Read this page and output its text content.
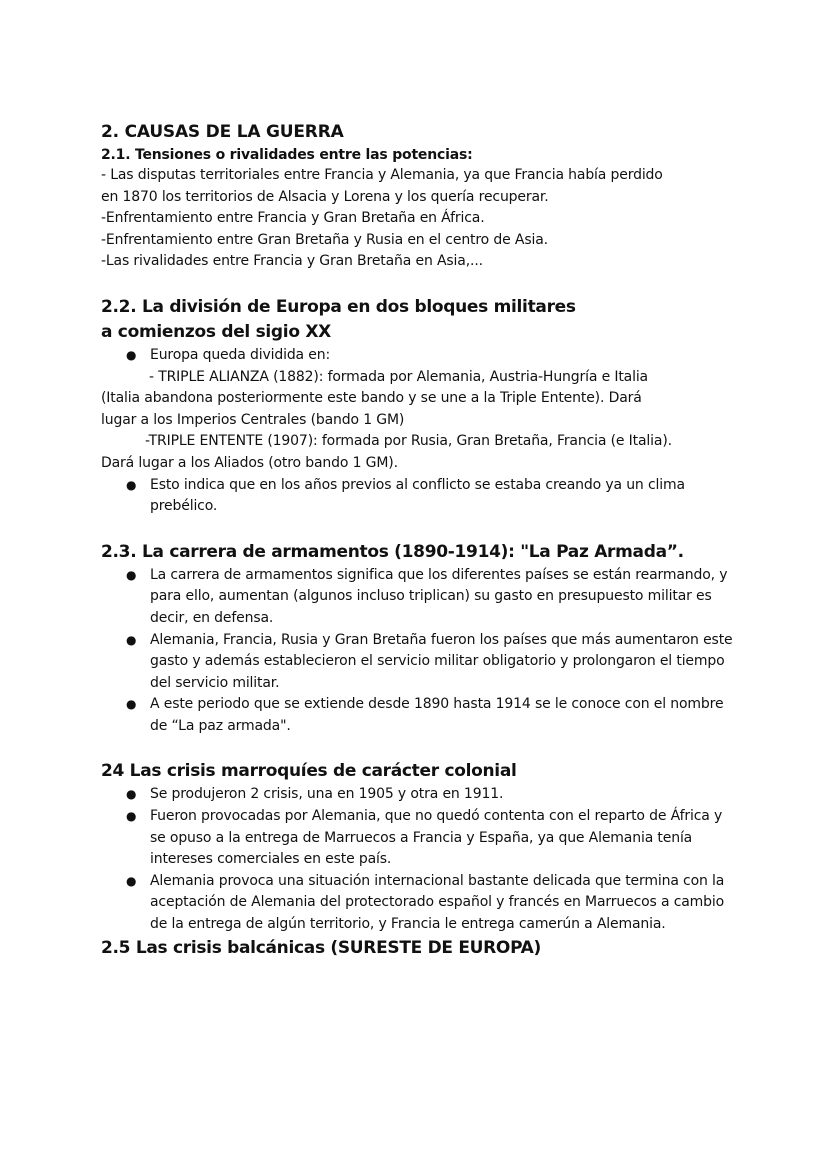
2. CAUSAS DE LA GUERRA
2.1. Tensiones o rivalidades entre las potencias:

- Las disputas territoriales entre Francia y Alemania, ya que Francia había perdido

en 1870 los territorios de Alsacia y Lorena y los quería recuperar.

-Enfrentamiento entre Francia y Gran Bretaña en África.

-Enfrentamiento entre Gran Bretaña y Rusia en el centro de Asia.

-Las rivalidades entre Francia y Gran Bretaña en Asia,...

2.2. La división de Europa en dos bloques militares
a comienzos del sigio XX
● Europa queda dividida en:

- TRIPLE ALIANZA (1882): formada por Alemania, Austria-Hungría e Italia

(Italia abandona posteriormente este bando y se une a la Triple Entente). Dará

lugar a los Imperios Centrales (bando 1 GM)

-TRIPLE ENTENTE (1907): formada por Rusia, Gran Bretaña, Francia (e Italia).

Dará lugar a los Aliados (otro bando 1 GM).

● Esto indica que en los años previos al conflicto se estaba creando ya un clima prebélico.
2.3. La carrera de armamentos (1890-1914): "La Paz Armada”.
● La carrera de armamentos significa que los diferentes países se están rearmando, y para ello, aumentan (algunos incluso triplican) su gasto en presupuesto militar es decir, en defensa.
● Alemania, Francia, Rusia y Gran Bretaña fueron los países que más aumentaron este gasto y además establecieron el servicio militar obligatorio y prolongaron el tiempo del servicio militar.
● A este periodo que se extiende desde 1890 hasta 1914 se le conoce con el nombre de “La paz armada".
24 Las crisis marroquíes de carácter colonial
● Se produjeron 2 crisis, una en 1905 y otra en 1911.
● Fueron provocadas por Alemania, que no quedó contenta con el reparto de África y se opuso a la entrega de Marruecos a Francia y España, ya que Alemania tenía intereses comerciales en este país.
● Alemania provoca una situación internacional bastante delicada que termina con la aceptación de Alemania del protectorado español y francés en Marruecos a cambio de la entrega de algún territorio, y Francia le entrega camerún a Alemania.
2.5 Las crisis balcánicas (SURESTE DE EUROPA)
